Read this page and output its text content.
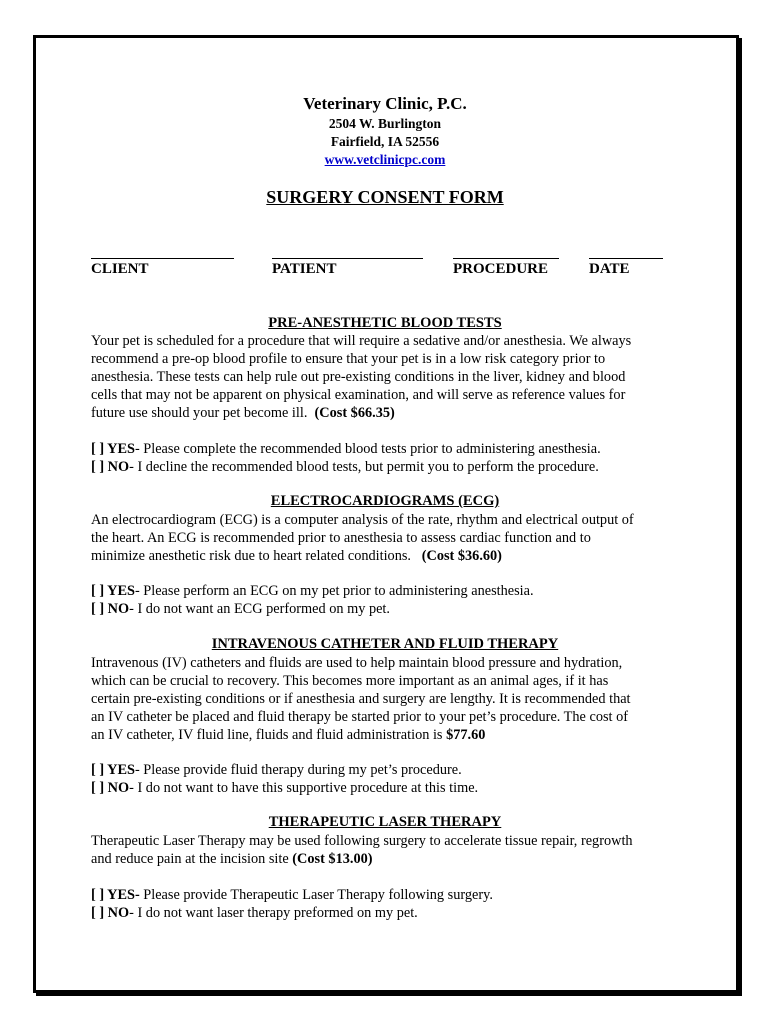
Veterinary Clinic, P.C.
2504 W. Burlington
Fairfield, IA 52556
www.vetclinicpc.com
SURGERY CONSENT FORM
CLIENT	PATIENT	PROCEDURE	DATE
PRE-ANESTHETIC BLOOD TESTS
Your pet is scheduled for a procedure that will require a sedative and/or anesthesia. We always
recommend a pre-op blood profile to ensure that your pet is in a low risk category prior to
anesthesia. These tests can help rule out pre-existing conditions in the liver, kidney and blood
cells that may not be apparent on physical examination, and will serve as reference values for
future use should your pet become ill. (Cost $66.35)
[ ] YES- Please complete the recommended blood tests prior to administering anesthesia.
[ ] NO- I decline the recommended blood tests, but permit you to perform the procedure.
ELECTROCARDIOGRAMS (ECG)
An electrocardiogram (ECG) is a computer analysis of the rate, rhythm and electrical output of
the heart. An ECG is recommended prior to anesthesia to assess cardiac function and to
minimize anesthetic risk due to heart related conditions. (Cost $36.60)
[ ] YES- Please perform an ECG on my pet prior to administering anesthesia.
[ ] NO- I do not want an ECG performed on my pet.
INTRAVENOUS CATHETER AND FLUID THERAPY
Intravenous (IV) catheters and fluids are used to help maintain blood pressure and hydration,
which can be crucial to recovery. This becomes more important as an animal ages, if it has
certain pre-existing conditions or if anesthesia and surgery are lengthy. It is recommended that
an IV catheter be placed and fluid therapy be started prior to your pet’s procedure. The cost of
an IV catheter, IV fluid line, fluids and fluid administration is $77.60
[ ] YES- Please provide fluid therapy during my pet’s procedure.
[ ] NO- I do not want to have this supportive procedure at this time.
THERAPEUTIC LASER THERAPY
Therapeutic Laser Therapy may be used following surgery to accelerate tissue repair, regrowth
and reduce pain at the incision site (Cost $13.00)
[ ] YES- Please provide Therapeutic Laser Therapy following surgery.
[ ] NO- I do not want laser therapy preformed on my pet.
